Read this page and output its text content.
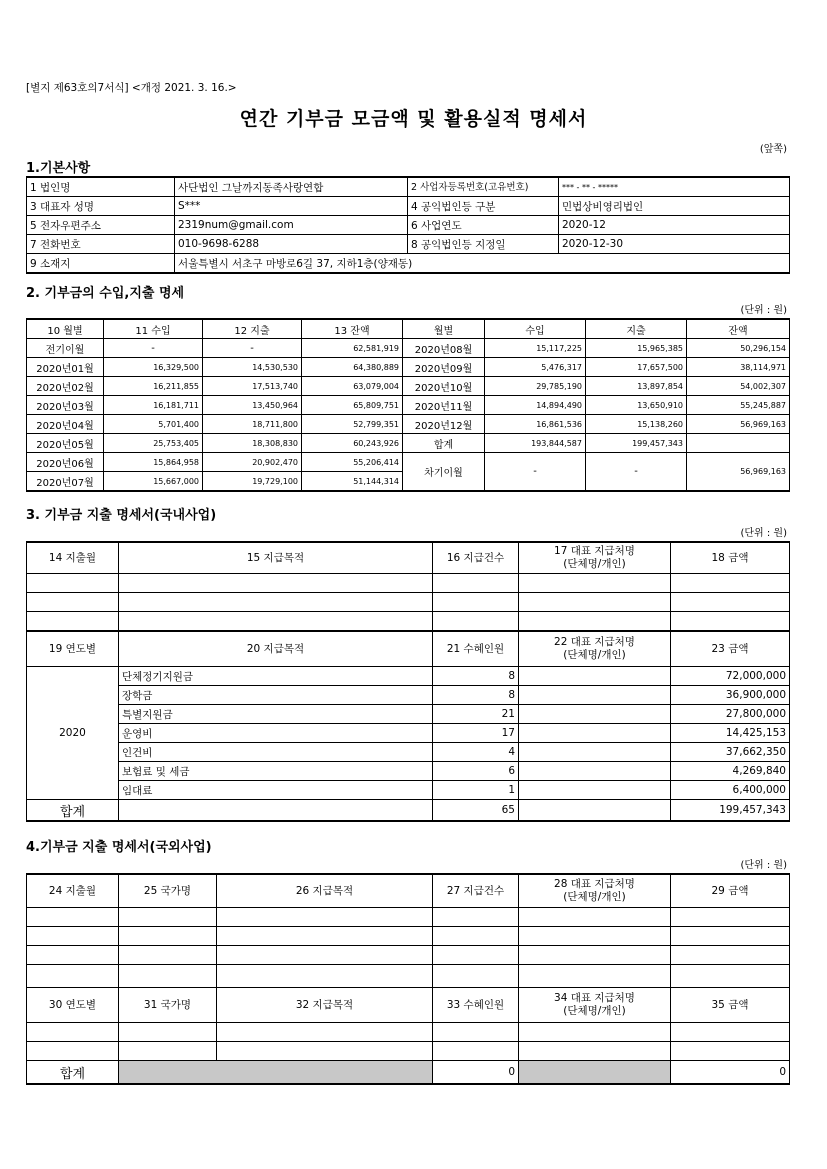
[별지 제63호의7서식] <개정 2021. 3. 16.>
연간 기부금 모금액 및 활용실적 명세서
(앞쪽)
1.기본사항
1 법인명	사단법인 그날까지동족사랑연합	2 사업자등록번호(고유번호)	*** - ** - *****
3 대표자 성명	S***	4 공익법인등 구분	민법상비영리법인
5 전자우편주소	2319num@gmail.com	6 사업연도	2020-12
7 전화번호	010-9698-6288	8 공익법인등 지정일	2020-12-30
9 소재지	서울특별시 서초구 마방로6길 37, 지하1층(양재동)		
2. 기부금의 수입,지출 명세
(단위 : 원)
10 월별	11 수입	12 지출	13 잔액	월별	수입	지출	잔액
전기이월	-	-	62,581,919	2020년08월	15,117,225	15,965,385	50,296,154
2020년01월	16,329,500	14,530,530	64,380,889	2020년09월	5,476,317	17,657,500	38,114,971
2020년02월	16,211,855	17,513,740	63,079,004	2020년10월	29,785,190	13,897,854	54,002,307
2020년03월	16,181,711	13,450,964	65,809,751	2020년11월	14,894,490	13,650,910	55,245,887
2020년04월	5,701,400	18,711,800	52,799,351	2020년12월	16,861,536	15,138,260	56,969,163
2020년05월	25,753,405	18,308,830	60,243,926	합계	193,844,587	199,457,343	
2020년06월	15,864,958	20,902,470	55,206,414	차기이월	-	-	56,969,163
2020년07월	15,667,000	19,729,100	51,144,314				
3. 기부금 지출 명세서(국내사업)
(단위 : 원)
14 지출월	15 지급목적	16 지급건수	17 대표 지급처명
(단체명/개인)	18 금액

19 연도별	20 지급목적	21 수혜인원	22 대표 지급처명
(단체명/개인)	23 금액
2020	단체정기지원금	8		72,000,000
	장학금	8		36,900,000
	특별지원금	21		27,800,000
	운영비	17		14,425,153
	인건비	4		37,662,350
	보험료 및 세금	6		4,269,840
	임대료	1		6,400,000
합계		65		199,457,343
4.기부금 지출 명세서(국외사업)
(단위 : 원)
24 지출월	25 국가명	26 지급목적	27 지급건수	28 대표 지급처명
(단체명/개인)	29 금액

30 연도별	31 국가명	32 지급목적	33 수혜인원	34 대표 지급처명
(단체명/개인)	35 금액

합계			0		0
